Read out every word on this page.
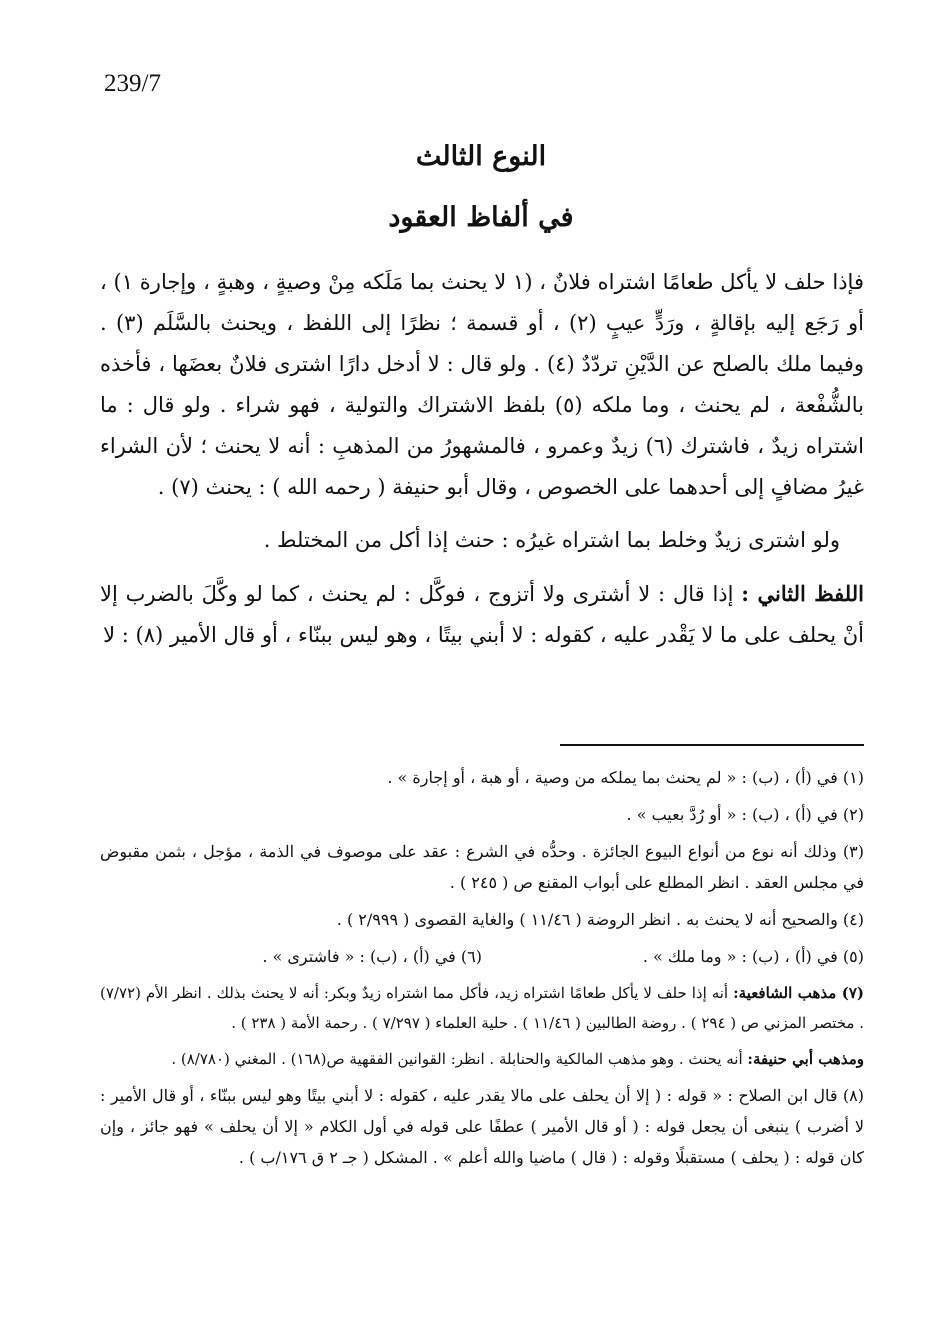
239/7
النوع الثالث
في ألفاظ العقود

فإذا حلف لا يأكل طعامًا اشتراه فلانٌ ، (١ لا يحنث بما مَلَكه مِنْ وصيةٍ ، وهبةٍ ، وإجارة ١) ، أو رَجَع إليه بإقالةٍ ، ورَدٍّ عيبٍ (٢) ، أو قسمة ؛ نظرًا إلى اللفظ ، ويحنث بالسَّلَم (٣) . وفيما ملك بالصلح عن الدَّيْنِ تردّدٌ (٤) . ولو قال : لا أدخل دارًا اشترى فلانٌ بعضَها ، فأخذه بالشُّفْعة ، لم يحنث ، وما ملكه (٥) بلفظ الاشتراك والتولية ، فهو شراء . ولو قال : ما اشتراه زيدٌ ، فاشترك (٦) زيدٌ وعمرو ، فالمشهورُ من المذهبِ : أنه لا يحنث ؛ لأن الشراء غيرُ مضافٍ إلى أحدهما على الخصوص ، وقال أبو حنيفة ( رحمه الله ) : يحنث (٧) .

ولو اشترى زيدٌ وخلط بما اشتراه غيرُه : حنث إذا أكل من المختلط .

اللفظ الثاني : إذا قال : لا أشترى ولا أتزوج ، فوكَّل : لم يحنث ، كما لو وكَّلَ بالضرب إلا أنْ يحلف على ما لا يَقْدر عليه ، كقوله : لا أبني بيتًا ، وهو ليس ببنّاء ، أو قال الأمير (٨) : لا

(١) في (أ) ، (ب) : « لم يحنث بما يملكه من وصية ، أو هبة ، أو إجارة » .

(٢) في (أ) ، (ب) : « أو رُدَّ بعيب » .

(٣) وذلك أنه نوع من أنواع البيوع الجائزة . وحدُّه في الشرع : عقد على موصوف في الذمة ، مؤجل ، بثمن مقبوض في مجلس العقد . انظر المطلع على أبواب المقنع ص ( ٢٤٥ ) .

(٤) والصحيح أنه لا يحنث به . انظر الروضة ( ١١/٤٦ ) والغاية القصوى ( ٢/٩٩٩ ) .

(٥) في (أ) ، (ب) : « وما ملك » .

(٦) في (أ) ، (ب) : « فاشترى » .

(٧) مذهب الشافعية: أنه إذا حلف لا يأكل طعامًا اشتراه زيد، فأكل مما اشتراه زيدٌ وبكر: أنه لا يحنث بذلك . انظر الأم (٧/٧٢) . مختصر المزني ص ( ٢٩٤ ) . روضة الطالبين ( ١١/٤٦ ) . حلية العلماء ( ٧/٢٩٧ ) . رحمة الأمة ( ٢٣٨ ) .

ومذهب أبي حنيفة: أنه يحنث . وهو مذهب المالكية والحنابلة . انظر: القوانين الفقهية ص(١٦٨) . المغني (٨/٧٨٠) .

(٨) قال ابن الصلاح : « قوله : ( إلا أن يحلف على مالا يقدر عليه ، كقوله : لا أبني بيتًا وهو ليس ببنّاء ، أو قال الأمير : لا أضرب ) ينبغى أن يجعل قوله : ( أو قال الأمير ) عطفًا على قوله في أول الكلام « إلا أن يحلف » فهو جائز ، وإن كان قوله : ( يحلف ) مستقبلًا وقوله : ( قال ) ماضيا والله أعلم » . المشكل ( جـ ٢ ق ١٧٦/ب ) .
